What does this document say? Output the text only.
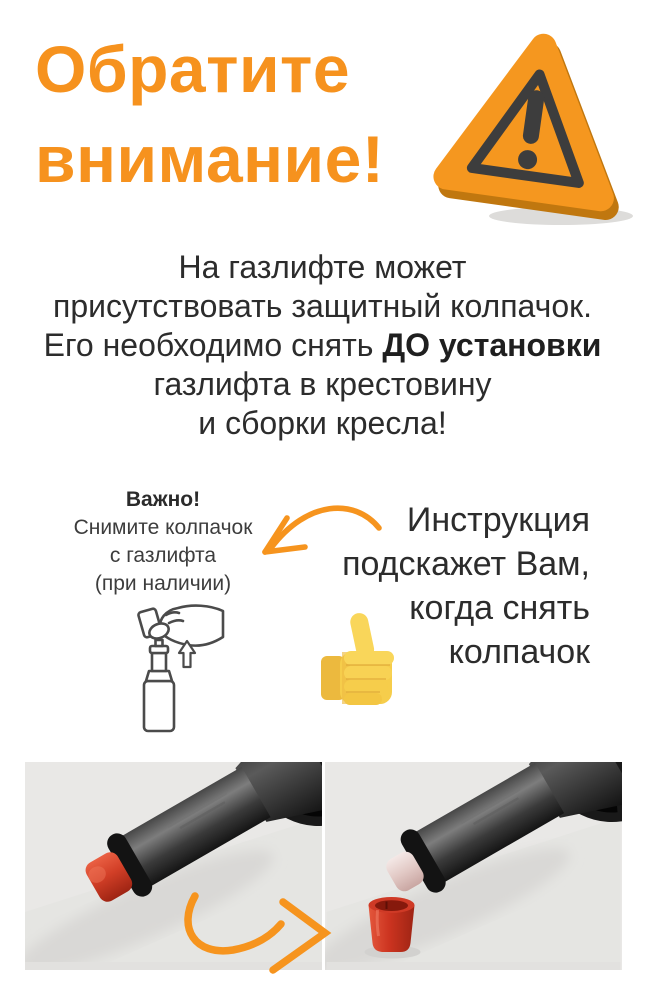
Обратите
внимание!

На газлифте может
присутствовать защитный колпачок.
Его необходимо снять ДО установки
газлифта в крестовину
и сборки кресла!

Важно!
Снимите колпачок
с газлифта
(при наличии)

Инструкция
подскажет Вам,
когда снять
колпачок
